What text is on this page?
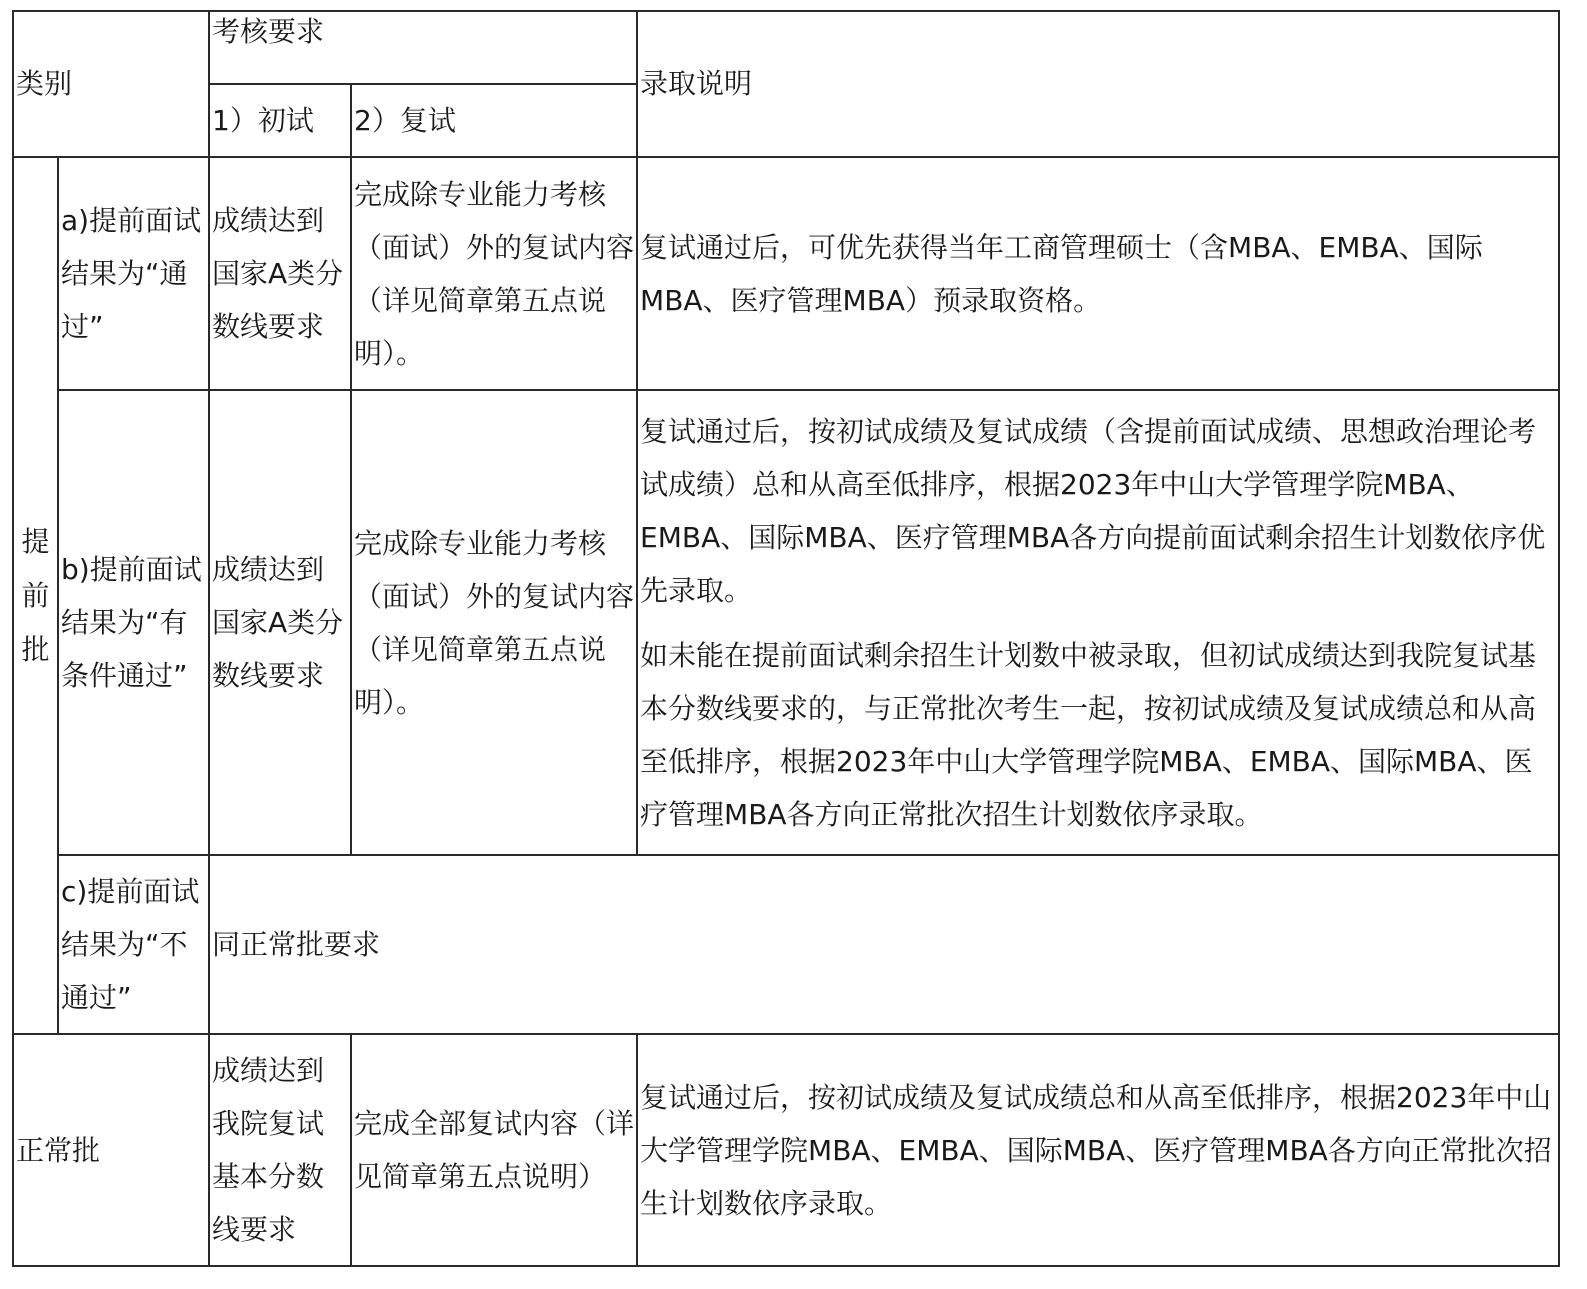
类别		考核要求		录取说明
		1）初试	2）复试	
提前批	a)提前面试结果为“通过”	成绩达到国家A类分数线要求	完成除专业能力考核（面试）外的复试内容（详见简章第五点说明）。	复试通过后，可优先获得当年工商管理硕士（含MBA、EMBA、国际MBA、医疗管理MBA）预录取资格。

	b)提前面试结果为“有条件通过”	成绩达到国家A类分数线要求	完成除专业能力考核（面试）外的复试内容（详见简章第五点说明）。	复试通过后，按初试成绩及复试成绩（含提前面试成绩、思想政治理论考试成绩）总和从高至低排序，根据2023年中山大学管理学院MBA、EMBA、国际MBA、医疗管理MBA各方向提前面试剩余招生计划数依序优先录取。

如未能在提前面试剩余招生计划数中被录取，但初试成绩达到我院复试基本分数线要求的，与正常批次考生一起，按初试成绩及复试成绩总和从高至低排序，根据2023年中山大学管理学院MBA、EMBA、国际MBA、医疗管理MBA各方向正常批次招生计划数依序录取。

	c)提前面试结果为“不通过”	同正常批要求		
正常批		成绩达到我院复试基本分数线要求	完成全部复试内容（详见简章第五点说明）	复试通过后，按初试成绩及复试成绩总和从高至低排序，根据2023年中山大学管理学院MBA、EMBA、国际MBA、医疗管理MBA各方向正常批次招生计划数依序录取。
